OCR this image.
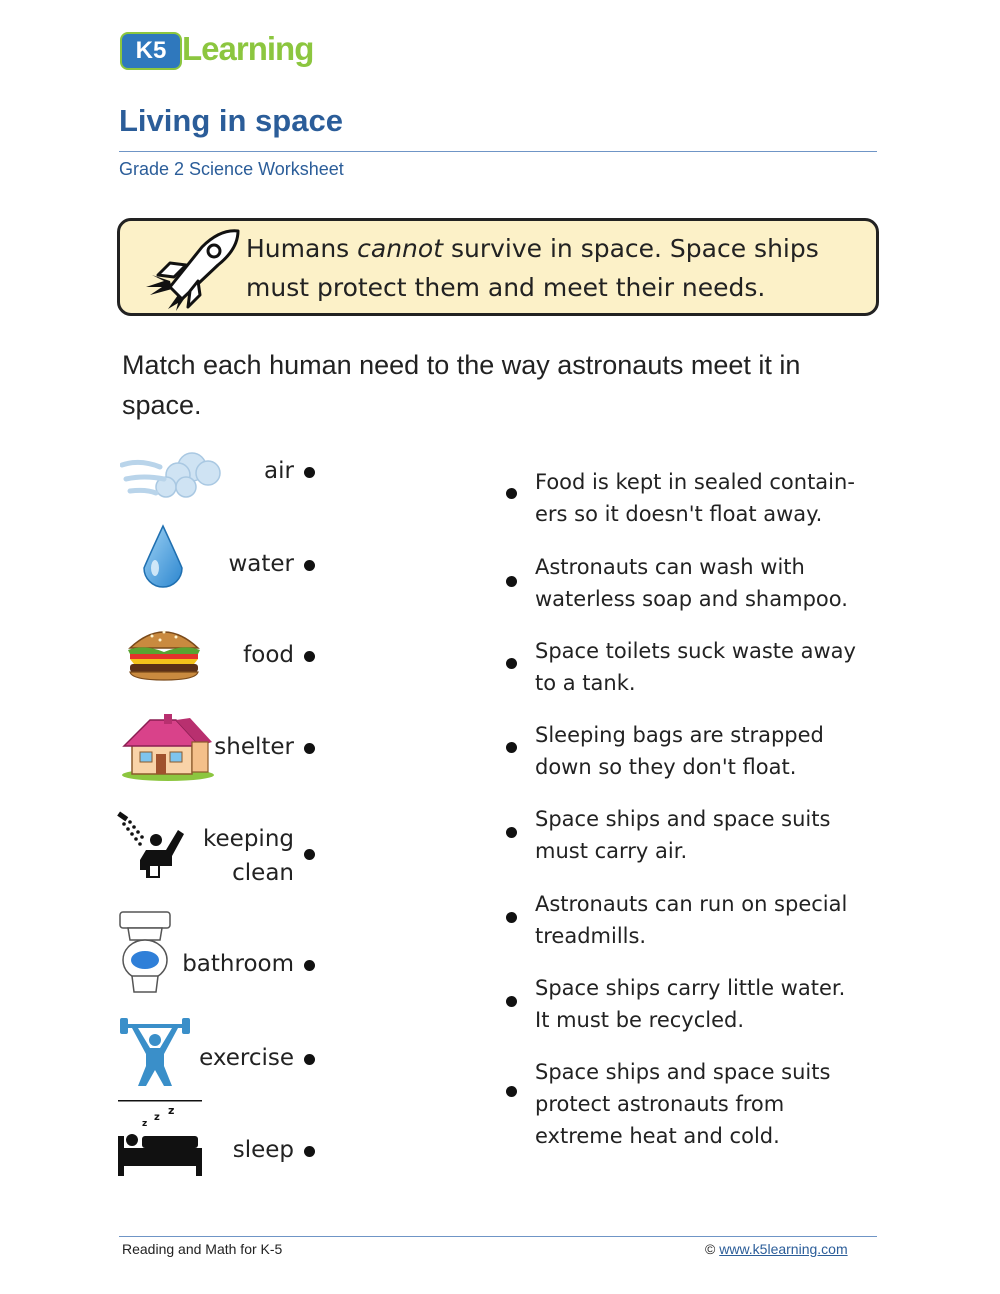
K5 Learning
Living in space
Grade 2 Science Worksheet
Humans cannot survive in space. Space ships must protect them and meet their needs.
Match each human need to the way astronauts meet it in space.
air
water
food
shelter
keeping
clean
bathroom
exercise
z
z
z
sleep
Food is kept in sealed contain-
ers so it doesn't float away.
Astronauts can wash with
waterless soap and shampoo.
Space toilets suck waste away
to a tank.
Sleeping bags are strapped
down so they don't float.
Space ships and space suits
must carry air.
Astronauts can run on special
treadmills.
Space ships carry little water.
It must be recycled.
Space ships and space suits
protect astronauts from
extreme heat and cold.
Reading and Math for K-5	© www.k5learning.com
